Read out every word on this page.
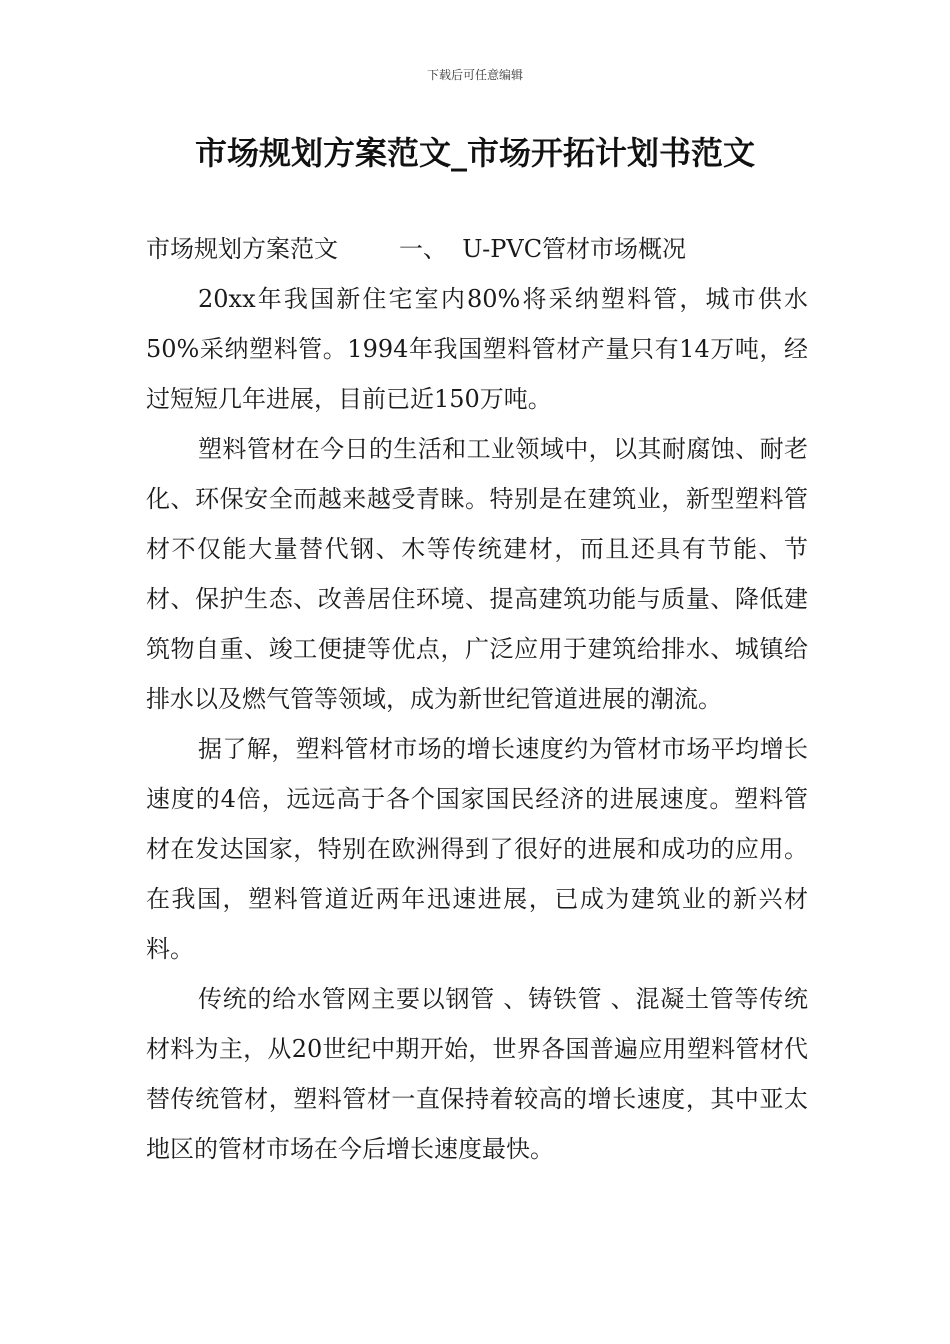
下载后可任意编辑
市场规划方案范文_市场开拓计划书范文

市场规划方案范文	一、 U-PVC管材市场概况

20xx年我国新住宅室内80%将采纳塑料管，城市供水50%采纳塑料管。1994年我国塑料管材产量只有14万吨，经过短短几年进展，目前已近150万吨。

塑料管材在今日的生活和工业领域中，以其耐腐蚀、耐老化、环保安全而越来越受青睐。特别是在建筑业，新型塑料管材不仅能大量替代钢、木等传统建材，而且还具有节能、节材、保护生态、改善居住环境、提高建筑功能与质量、降低建筑物自重、竣工便捷等优点，广泛应用于建筑给排水、城镇给排水以及燃气管等领域，成为新世纪管道进展的潮流。

据了解，塑料管材市场的增长速度约为管材市场平均增长速度的4倍，远远高于各个国家国民经济的进展速度。塑料管材在发达国家，特别在欧洲得到了很好的进展和成功的应用。在我国，塑料管道近两年迅速进展，已成为建筑业的新兴材料。

传统的给水管网主要以钢管 、铸铁管 、混凝土管等传统材料为主，从20世纪中期开始，世界各国普遍应用塑料管材代替传统管材，塑料管材一直保持着较高的增长速度，其中亚太地区的管材市场在今后增长速度最快。
